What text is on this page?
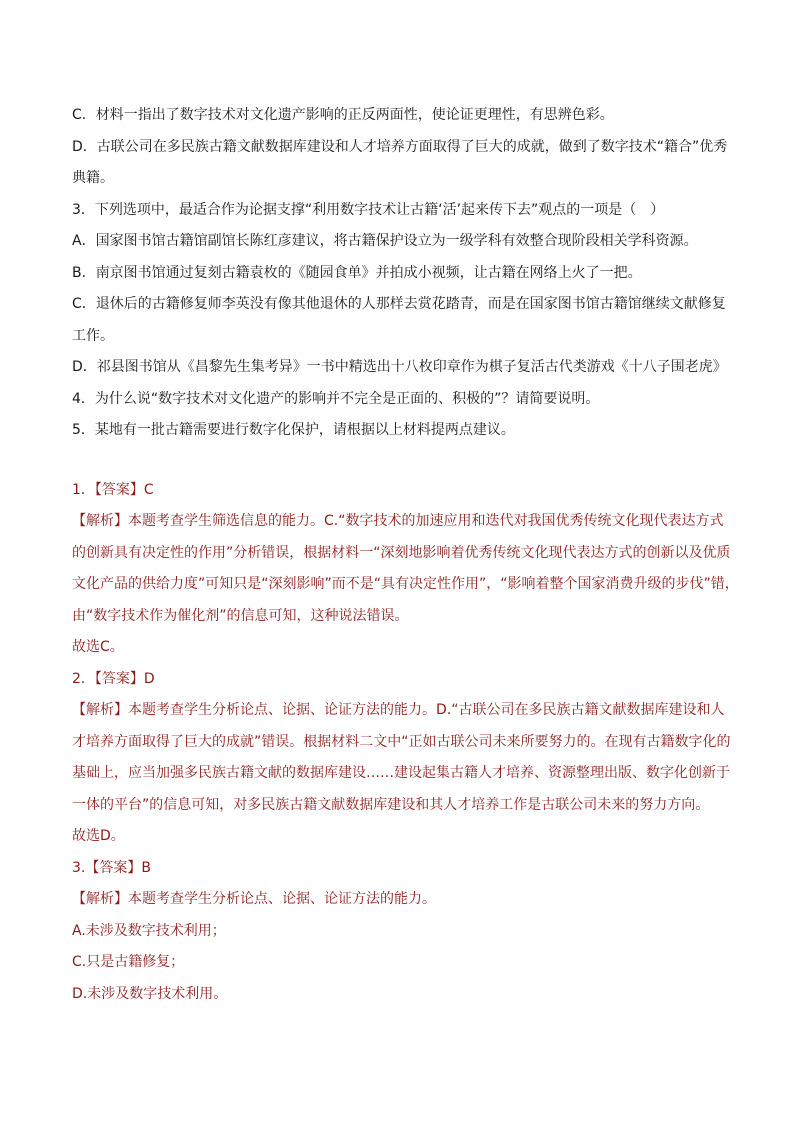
C．材料一指出了数字技术对文化遗产影响的正反两面性，使论证更理性，有思辨色彩。
D．古联公司在多民族古籍文献数据库建设和人才培养方面取得了巨大的成就，做到了数字技术“籍合”优秀
典籍。
3．下列选项中，最适合作为论据支撑“利用数字技术让古籍‘活’起来传下去”观点的一项是（　）
A．国家图书馆古籍馆副馆长陈红彦建议，将古籍保护设立为一级学科有效整合现阶段相关学科资源。
B．南京图书馆通过复刻古籍袁枚的《随园食单》并拍成小视频，让古籍在网络上火了一把。
C．退休后的古籍修复师李英没有像其他退休的人那样去赏花踏青，而是在国家图书馆古籍馆继续文献修复
工作。
D．祁县图书馆从《昌黎先生集考异》一书中精选出十八枚印章作为棋子复活古代类游戏《十八子围老虎》
4．为什么说“数字技术对文化遗产的影响并不完全是正面的、积极的”？请简要说明。
5．某地有一批古籍需要进行数字化保护，请根据以上材料提两点建议。
1．【答案】C
【解析】本题考查学生筛选信息的能力。C.“数字技术的加速应用和迭代对我国优秀传统文化现代表达方式
的创新具有决定性的作用”分析错误，根据材料一“深刻地影响着优秀传统文化现代表达方式的创新以及优质
文化产品的供给力度”可知只是“深刻影响”而不是“具有决定性作用”，“影响着整个国家消费升级的步伐”错，
由“数字技术作为催化剂”的信息可知，这种说法错误。
故选C。
2．【答案】D
【解析】本题考查学生分析论点、论据、论证方法的能力。D.“古联公司在多民族古籍文献数据库建设和人
才培养方面取得了巨大的成就”错误。根据材料二文中“正如古联公司未来所要努力的。在现有古籍数字化的
基础上，应当加强多民族古籍文献的数据库建设……建设起集古籍人才培养、资源整理出版、数字化创新于
一体的平台”的信息可知，对多民族古籍文献数据库建设和其人才培养工作是古联公司未来的努力方向。
故选D。
3.【答案】B
【解析】本题考查学生分析论点、论据、论证方法的能力。
A.未涉及数字技术利用；
C.只是古籍修复；
D.未涉及数字技术利用。
